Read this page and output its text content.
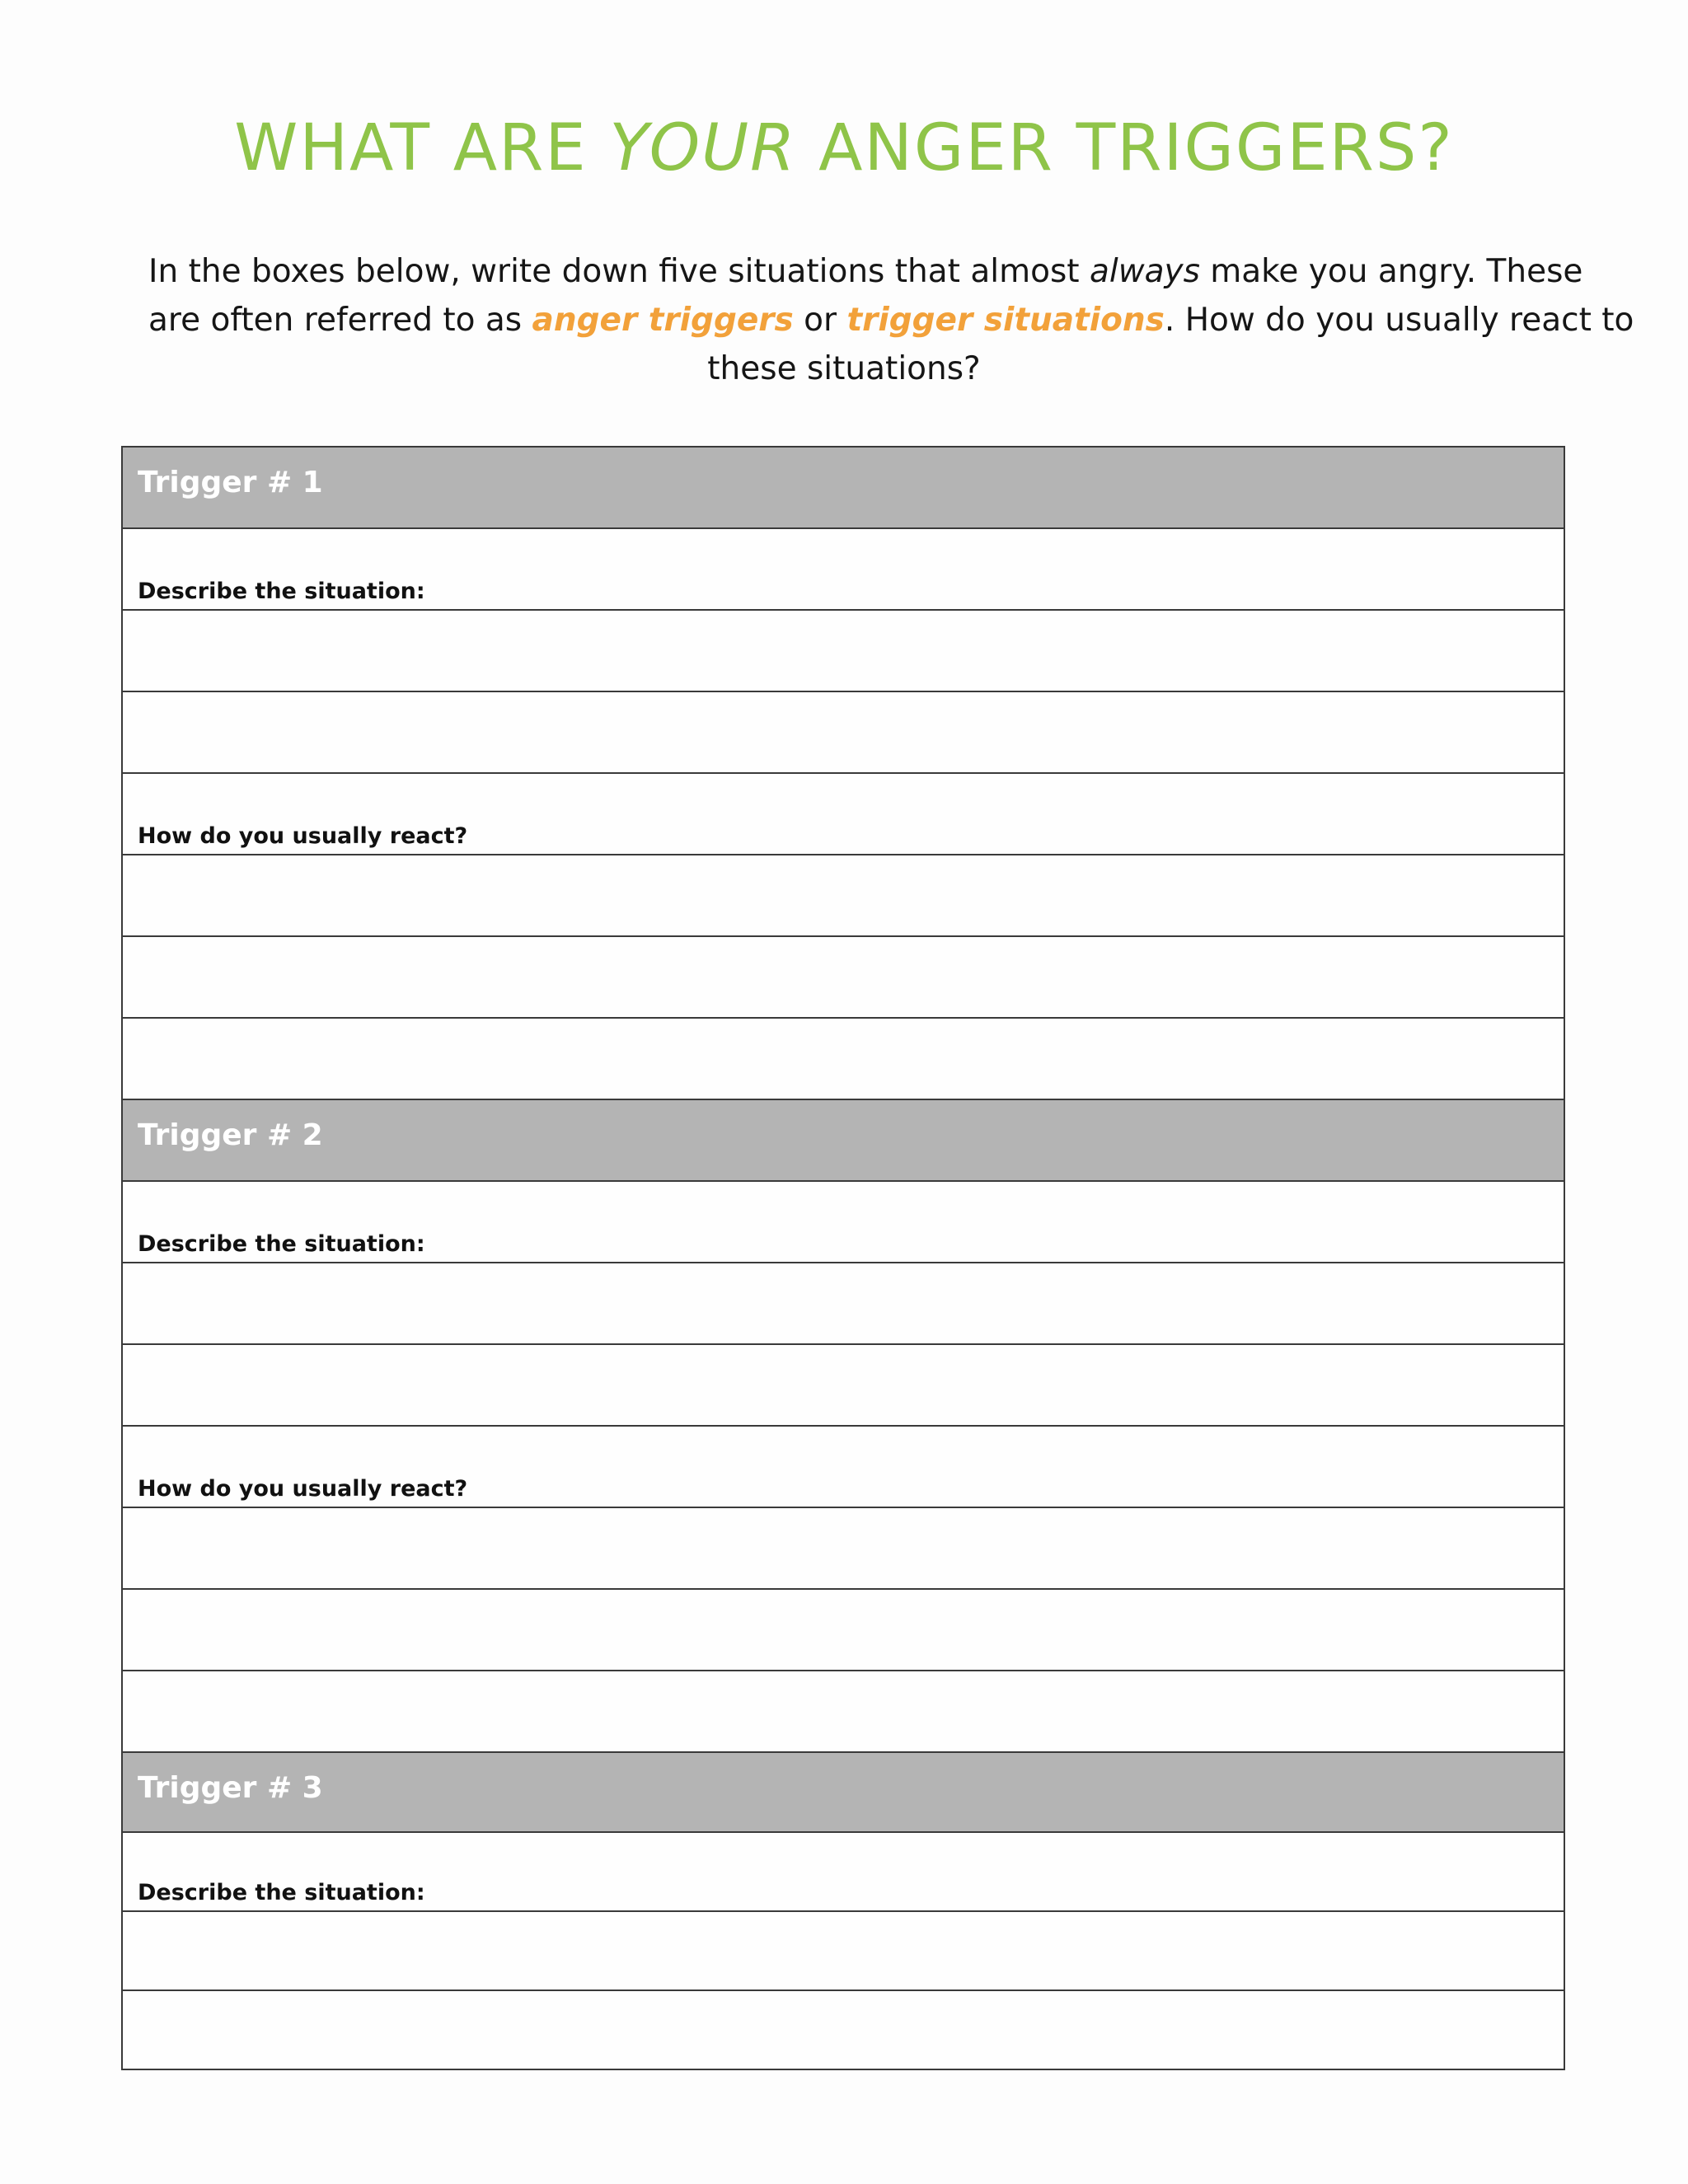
WHAT ARE YOUR ANGER TRIGGERS?
In the boxes below, write down five situations that almost always make you angry. These
are often referred to as anger triggers or trigger situations. How do you usually react to
these situations?
Trigger # 1
Describe the situation:
How do you usually react?
Trigger # 2
Describe the situation:
How do you usually react?
Trigger # 3
Describe the situation:
